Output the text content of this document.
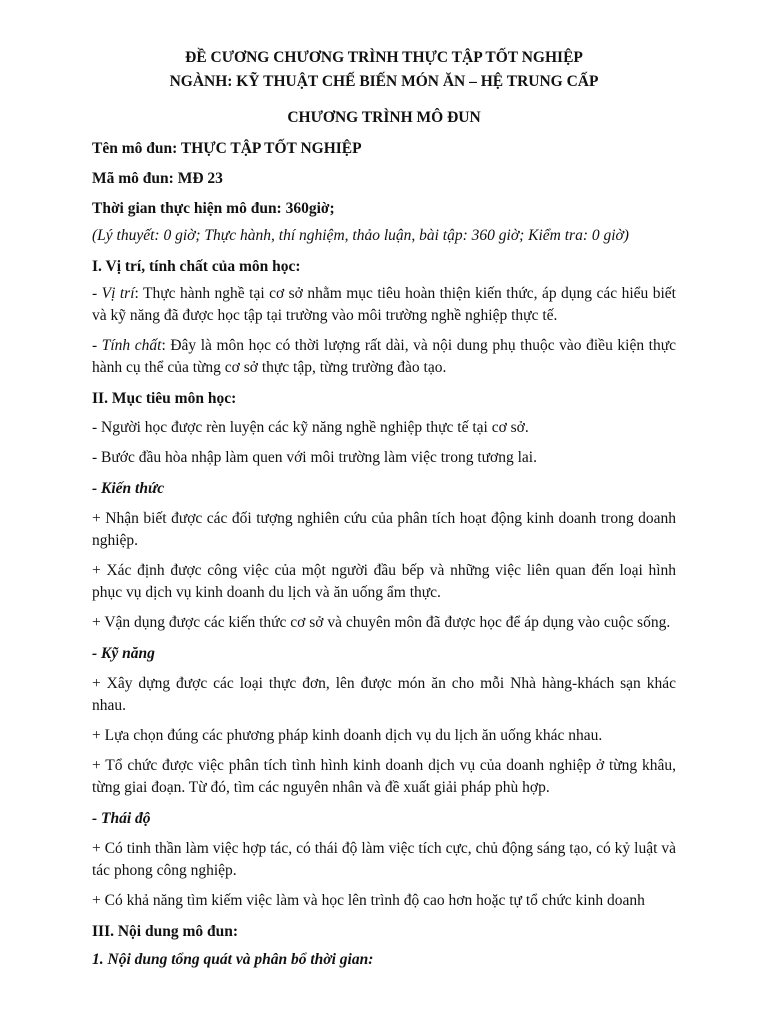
ĐỀ CƯƠNG CHƯƠNG TRÌNH THỰC TẬP TỐT NGHIỆP

NGÀNH: KỸ THUẬT CHẾ BIẾN MÓN ĂN – HỆ TRUNG CẤP

CHƯƠNG TRÌNH MÔ ĐUN

Tên mô đun: THỰC TẬP TỐT NGHIỆP

Mã mô đun: MĐ 23

Thời gian thực hiện mô đun: 360giờ;

(Lý thuyết: 0 giờ; Thực hành, thí nghiệm, thảo luận, bài tập: 360 giờ; Kiểm tra: 0 giờ)

I. Vị trí, tính chất của môn học:

- Vị trí: Thực hành nghề tại cơ sở nhằm mục tiêu hoàn thiện kiến thức, áp dụng các hiểu biết và kỹ năng đã được học tập tại trường vào môi trường nghề nghiệp thực tế.

- Tính chất: Đây là môn học có thời lượng rất dài, và nội dung phụ thuộc vào điều kiện thực hành cụ thể của từng cơ sở thực tập, từng trường đào tạo.

II. Mục tiêu môn học:

- Người học được rèn luyện các kỹ năng nghề nghiệp thực tế tại cơ sở.

- Bước đầu hòa nhập làm quen với môi trường làm việc trong tương lai.

- Kiến thức

+ Nhận biết được các đối tượng nghiên cứu của phân tích hoạt động kinh doanh trong doanh nghiệp.

+ Xác định được công việc của một người đầu bếp và những việc liên quan đến loại hình phục vụ dịch vụ kinh doanh du lịch và ăn uống ẩm thực.

+ Vận dụng được các kiến thức cơ sở và chuyên môn đã được học để áp dụng vào cuộc sống.

- Kỹ năng

+ Xây dựng được các loại thực đơn, lên được món ăn cho mỗi Nhà hàng-khách sạn khác nhau.

+ Lựa chọn đúng các phương pháp kinh doanh dịch vụ du lịch ăn uống khác nhau.

+ Tổ chức được việc phân tích tình hình kinh doanh dịch vụ của doanh nghiệp ở từng khâu, từng giai đoạn. Từ đó, tìm các nguyên nhân và đề xuất giải pháp phù hợp.

- Thái độ

+ Có tinh thần làm việc hợp tác, có thái độ làm việc tích cực, chủ động sáng tạo, có kỷ luật và tác phong công nghiệp.

+ Có khả năng tìm kiếm việc làm và học lên trình độ cao hơn hoặc tự tổ chức kinh doanh

III. Nội dung mô đun:

1. Nội dung tổng quát và phân bổ thời gian:
